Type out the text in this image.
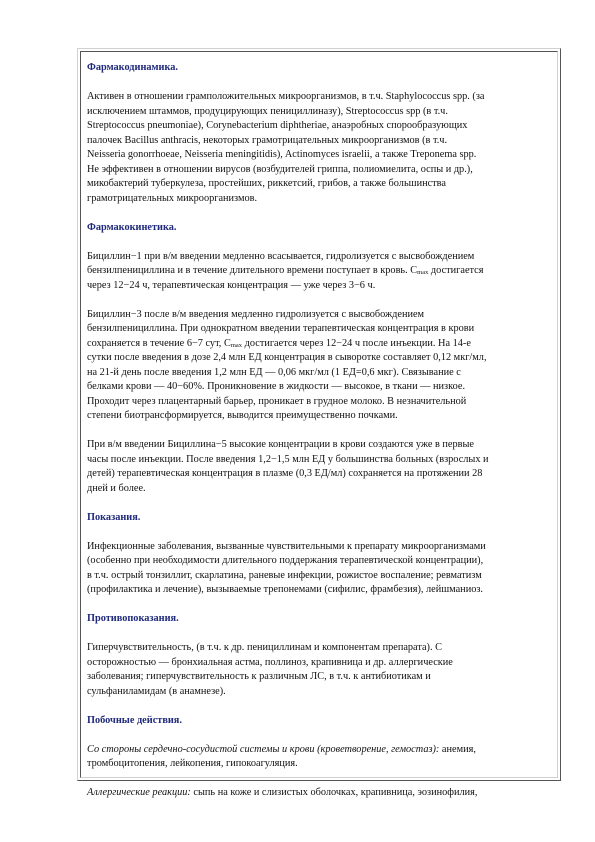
Фармакодинамика.
Активен в отношении грамположительных микроорганизмов, в т.ч. Staphylococcus spp. (за
исключением штаммов, продуцирующих пенициллиназу), Streptococcus spp (в т.ч.
Streptococcus pneumoniae), Corynebacterium diphtheriae, анаэробных спорообразующих
палочек Bacillus anthracis, некоторых грамотрицательных микроорганизмов (в т.ч.
Neisseria gonorrhoeae, Neisseria meningitidis), Actinomyces israelii, а также Treponema spp.
Не эффективен в отношении вирусов (возбудителей гриппа, полиомиелита, оспы и др.),
микобактерий туберкулеза, простейших, риккетсий, грибов, а также большинства
грамотрицательных микроорганизмов.
Фармакокинетика.
Бициллин−1 при в/м введении медленно всасывается, гидролизуется с высвобождением
бензилпенициллина и в течение длительного времени поступает в кровь. $C_{max}$ достигается
через 12−24 ч, терапевтическая концентрация — уже через 3−6 ч.
Бициллин−3 после в/м введения медленно гидролизуется с высвобождением
бензилпенициллина. При однократном введении терапевтическая концентрация в крови
сохраняется в течение 6−7 сут, $C_{max}$ достигается через 12−24 ч после инъекции. На 14-е
сутки после введения в дозе 2,4 млн ЕД концентрация в сыворотке составляет 0,12 мкг/мл,
на 21-й день после введения 1,2 млн ЕД — 0,06 мкг/мл (1 ЕД=0,6 мкг). Связывание с
белками крови — 40−60%. Проникновение в жидкости — высокое, в ткани — низкое.
Проходит через плацентарный барьер, проникает в грудное молоко. В незначительной
степени биотрансформируется, выводится преимущественно почками.
При в/м введении Бициллина−5 высокие концентрации в крови создаются уже в первые
часы после инъекции. После введения 1,2−1,5 млн ЕД у большинства больных (взрослых и
детей) терапевтическая концентрация в плазме (0,3 ЕД/мл) сохраняется на протяжении 28
дней и более.
Показания.
Инфекционные заболевания, вызванные чувствительными к препарату микроорганизмами
(особенно при необходимости длительного поддержания терапевтической концентрации),
в т.ч. острый тонзиллит, скарлатина, раневые инфекции, рожистое воспаление; ревматизм
(профилактика и лечение), вызываемые трепонемами (сифилис, фрамбезия), лейшманиоз.
Противопоказания.
Гиперчувствительность, (в т.ч. к др. пенициллинам и компонентам препарата). С
осторожностью — бронхиальная астма, поллиноз, крапивница и др. аллергические
заболевания; гиперчувствительность к различным ЛС, в т.ч. к антибиотикам и
сульфаниламидам (в анамнезе).
Побочные действия.
Со стороны сердечно-сосудистой системы и крови (кроветворение, гемостаз): анемия,
тромбоцитопения, лейкопения, гипокоагуляция.
Аллергические реакции: сыпь на коже и слизистых оболочках, крапивница, эозинофилия,
